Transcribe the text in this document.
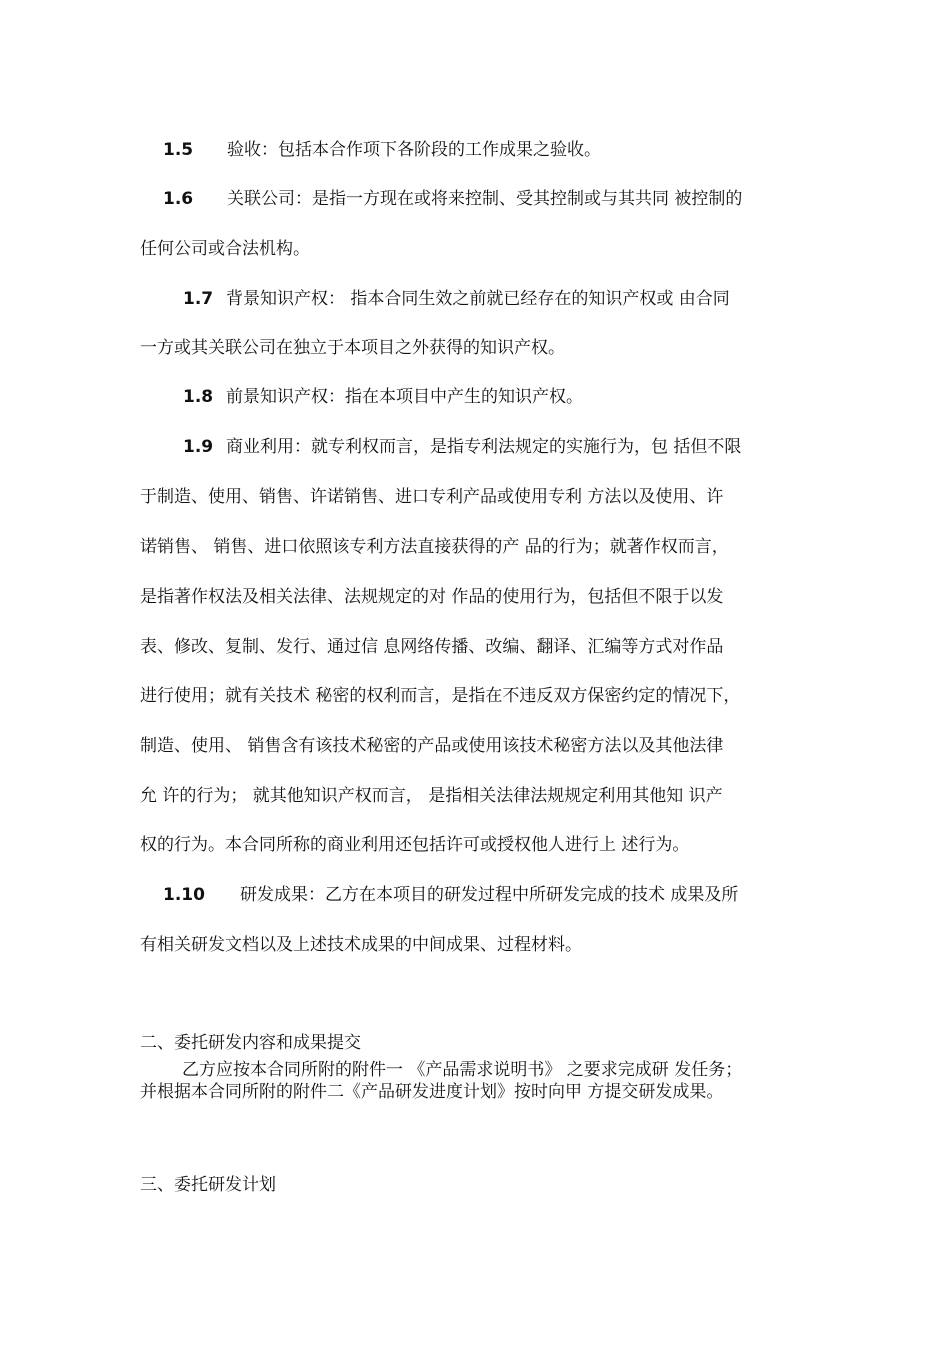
1.5 验收：包括本合作项下各阶段的工作成果之验收。
1.6 关联公司：是指一方现在或将来控制、受其控制或与其共同 被控制的
任何公司或合法机构。
1.7 背景知识产权： 指本合同生效之前就已经存在的知识产权或 由合同
一方或其关联公司在独立于本项目之外获得的知识产权。
1.8 前景知识产权：指在本项目中产生的知识产权。
1.9 商业利用：就专利权而言，是指专利法规定的实施行为，包 括但不限
于制造、使用、销售、许诺销售、进口专利产品或使用专利 方法以及使用、许
诺销售、 销售、进口依照该专利方法直接获得的产 品的行为；就著作权而言，
是指著作权法及相关法律、法规规定的对 作品的使用行为，包括但不限于以发
表、修改、复制、发行、通过信 息网络传播、改编、翻译、汇编等方式对作品
进行使用；就有关技术 秘密的权利而言，是指在不违反双方保密约定的情况下，
制造、使用、 销售含有该技术秘密的产品或使用该技术秘密方法以及其他法律
允 许的行为； 就其他知识产权而言， 是指相关法律法规规定利用其他知 识产
权的行为。本合同所称的商业利用还包括许可或授权他人进行上 述行为。
1.10 研发成果：乙方在本项目的研发过程中所研发完成的技术 成果及所
有相关研发文档以及上述技术成果的中间成果、过程材料。
二、委托研发内容和成果提交
乙方应按本合同所附的附件一 《产品需求说明书》 之要求完成研 发任务；
并根据本合同所附的附件二《产品研发进度计划》按时向甲 方提交研发成果。
三、委托研发计划
